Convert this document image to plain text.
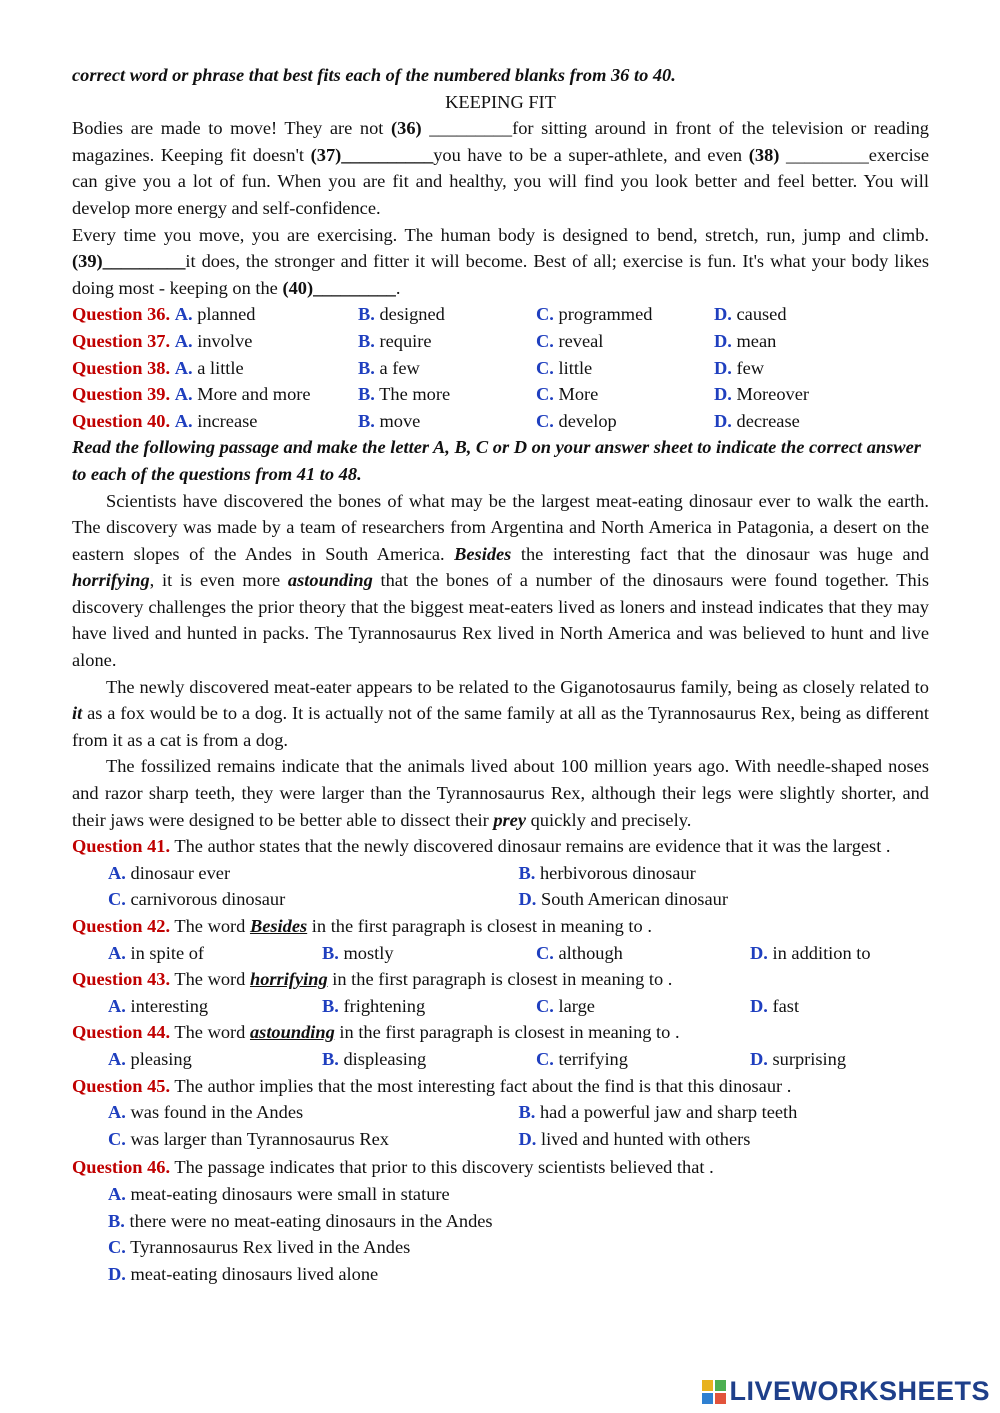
correct word or phrase that best fits each of the numbered blanks from 36 to 40.
KEEPING FIT
Bodies are made to move! They are not (36) _________for sitting around in front of the television or reading magazines. Keeping fit doesn't (37)__________you have to be a super-athlete, and even (38) _________exercise can give you a lot of fun. When you are fit and healthy, you will find you look better and feel better. You will develop more energy and self-confidence.
Every time you move, you are exercising. The human body is designed to bend, stretch, run, jump and climb. (39)_________it does, the stronger and fitter it will become. Best of all; exercise is fun. It's what your body likes doing most - keeping on the (40)_________.
Question 36. A. planned	B. designed	C. programmed	D. caused
Question 37. A. involve	B. require	C. reveal	D. mean
Question 38. A. a little	B. a few	C. little	D. few
Question 39. A. More and more	B. The more	C. More	D. Moreover
Question 40. A. increase	B. move	C. develop	D. decrease
Read the following passage and make the letter A, B, C or D on your answer sheet to indicate the correct answer to each of the questions from 41 to 48.
Scientists have discovered the bones of what may be the largest meat-eating dinosaur ever to walk the earth. The discovery was made by a team of researchers from Argentina and North America in Patagonia, a desert on the eastern slopes of the Andes in South America. Besides the interesting fact that the dinosaur was huge and horrifying, it is even more astounding that the bones of a number of the dinosaurs were found together. This discovery challenges the prior theory that the biggest meat-eaters lived as loners and instead indicates that they may have lived and hunted in packs. The Tyrannosaurus Rex lived in North America and was believed to hunt and live alone.
The newly discovered meat-eater appears to be related to the Giganotosaurus family, being as closely related to it as a fox would be to a dog. It is actually not of the same family at all as the Tyrannosaurus Rex, being as different from it as a cat is from a dog.
The fossilized remains indicate that the animals lived about 100 million years ago. With needle-shaped noses and razor sharp teeth, they were larger than the Tyrannosaurus Rex, although their legs were slightly shorter, and their jaws were designed to be better able to dissect their prey quickly and precisely.
Question 41. The author states that the newly discovered dinosaur remains are evidence that it was the largest .
A. dinosaur ever	B. herbivorous dinosaur
C. carnivorous dinosaur	D. South American dinosaur
Question 42. The word Besides in the first paragraph is closest in meaning to .
A. in spite of	B. mostly	C. although	D. in addition to
Question 43. The word horrifying in the first paragraph is closest in meaning to .
A. interesting	B. frightening	C. large	D. fast
Question 44. The word astounding in the first paragraph is closest in meaning to .
A. pleasing	B. displeasing	C. terrifying	D. surprising
Question 45. The author implies that the most interesting fact about the find is that this dinosaur .
A. was found in the Andes	B. had a powerful jaw and sharp teeth
C. was larger than Tyrannosaurus Rex	D. lived and hunted with others
Question 46. The passage indicates that prior to this discovery scientists believed that .
A. meat-eating dinosaurs were small in stature
B. there were no meat-eating dinosaurs in the Andes
C. Tyrannosaurus Rex lived in the Andes
D. meat-eating dinosaurs lived alone
LIVEWORKSHEETS
